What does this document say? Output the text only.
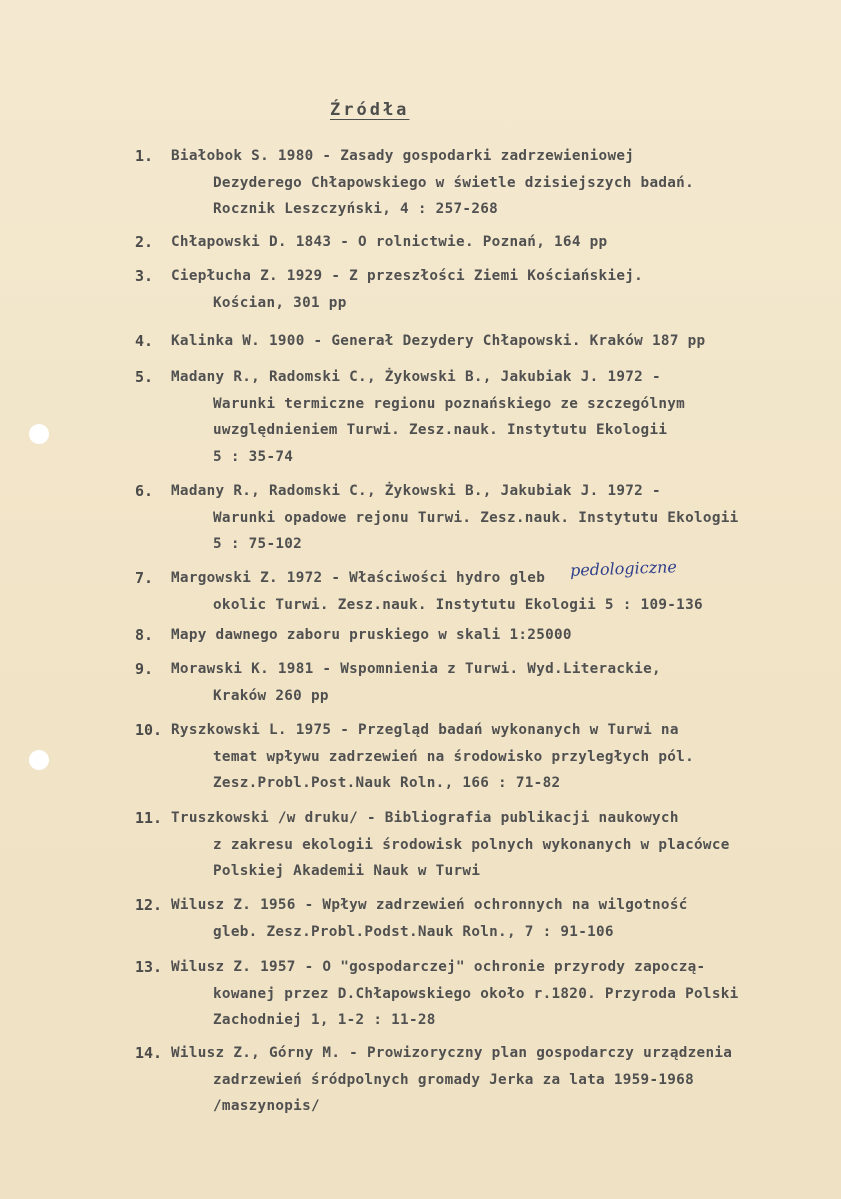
Źródła
1.	Białobok S. 1980 - Zasady gospodarki zadrzewieniowej
Dezyderego Chłapowskiego w świetle dzisiejszych badań.
Rocznik Leszczyński, 4 : 257-268
2.	Chłapowski D. 1843 - O rolnictwie. Poznań, 164 pp
3.	Ciepłucha Z. 1929 - Z przeszłości Ziemi Kościańskiej.
Kościan, 301 pp
4.	Kalinka W. 1900 - Generał Dezydery Chłapowski. Kraków 187 pp
5.	Madany R., Radomski C., Żykowski B., Jakubiak J. 1972 -
Warunki termiczne regionu poznańskiego ze szczególnym
uwzględnieniem Turwi. Zesz.nauk. Instytutu Ekologii
5 : 35-74
6.	Madany R., Radomski C., Żykowski B., Jakubiak J. 1972 -
Warunki opadowe rejonu Turwi. Zesz.nauk. Instytutu Ekologii
5 : 75-102
7.	Margowski Z. 1972 - Właściwości hydro gleb
okolic Turwi. Zesz.nauk. Instytutu Ekologii 5 : 109-136
8.	Mapy dawnego zaboru pruskiego w skali 1:25000
9.	Morawski K. 1981 - Wspomnienia z Turwi. Wyd.Literackie,
Kraków 260 pp
10. Ryszkowski L. 1975 - Przegląd badań wykonanych w Turwi na
temat wpływu zadrzewień na środowisko przyległych pól.
Zesz.Probl.Post.Nauk Roln., 166 : 71-82
11. Truszkowski /w druku/ - Bibliografia publikacji naukowych
z zakresu ekologii środowisk polnych wykonanych w placówce
Polskiej Akademii Nauk w Turwi
12. Wilusz Z. 1956 - Wpływ zadrzewień ochronnych na wilgotność
gleb. Zesz.Probl.Podst.Nauk Roln., 7 : 91-106
13. Wilusz Z. 1957 - O "gospodarczej" ochronie przyrody zapoczą-
kowanej przez D.Chłapowskiego około r.1820. Przyroda Polski
Zachodniej 1, 1-2 : 11-28
14. Wilusz Z., Górny M. - Prowizoryczny plan gospodarczy urządzenia
zadrzewień śródpolnych gromady Jerka za lata 1959-1968
/maszynopis/
pedologiczne
